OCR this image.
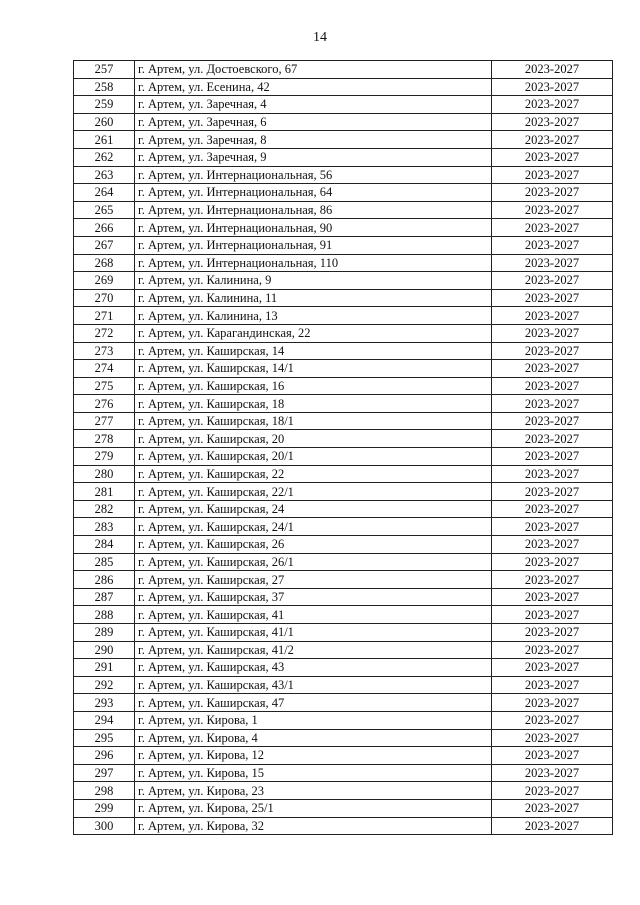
14
257	г. Артем, ул. Достоевского, 67	2023-2027
258	г. Артем, ул. Есенина, 42	2023-2027
259	г. Артем, ул. Заречная, 4	2023-2027
260	г. Артем, ул. Заречная, 6	2023-2027
261	г. Артем, ул. Заречная, 8	2023-2027
262	г. Артем, ул. Заречная, 9	2023-2027
263	г. Артем, ул. Интернациональная, 56	2023-2027
264	г. Артем, ул. Интернациональная, 64	2023-2027
265	г. Артем, ул. Интернациональная, 86	2023-2027
266	г. Артем, ул. Интернациональная, 90	2023-2027
267	г. Артем, ул. Интернациональная, 91	2023-2027
268	г. Артем, ул. Интернациональная, 110	2023-2027
269	г. Артем, ул. Калинина, 9	2023-2027
270	г. Артем, ул. Калинина, 11	2023-2027
271	г. Артем, ул. Калинина, 13	2023-2027
272	г. Артем, ул. Карагандинская, 22	2023-2027
273	г. Артем, ул. Каширская, 14	2023-2027
274	г. Артем, ул. Каширская, 14/1	2023-2027
275	г. Артем, ул. Каширская, 16	2023-2027
276	г. Артем, ул. Каширская, 18	2023-2027
277	г. Артем, ул. Каширская, 18/1	2023-2027
278	г. Артем, ул. Каширская, 20	2023-2027
279	г. Артем, ул. Каширская, 20/1	2023-2027
280	г. Артем, ул. Каширская, 22	2023-2027
281	г. Артем, ул. Каширская, 22/1	2023-2027
282	г. Артем, ул. Каширская, 24	2023-2027
283	г. Артем, ул. Каширская, 24/1	2023-2027
284	г. Артем, ул. Каширская, 26	2023-2027
285	г. Артем, ул. Каширская, 26/1	2023-2027
286	г. Артем, ул. Каширская, 27	2023-2027
287	г. Артем, ул. Каширская, 37	2023-2027
288	г. Артем, ул. Каширская, 41	2023-2027
289	г. Артем, ул. Каширская, 41/1	2023-2027
290	г. Артем, ул. Каширская, 41/2	2023-2027
291	г. Артем, ул. Каширская, 43	2023-2027
292	г. Артем, ул. Каширская, 43/1	2023-2027
293	г. Артем, ул. Каширская, 47	2023-2027
294	г. Артем, ул. Кирова, 1	2023-2027
295	г. Артем, ул. Кирова, 4	2023-2027
296	г. Артем, ул. Кирова, 12	2023-2027
297	г. Артем, ул. Кирова, 15	2023-2027
298	г. Артем, ул. Кирова, 23	2023-2027
299	г. Артем, ул. Кирова, 25/1	2023-2027
300	г. Артем, ул. Кирова, 32	2023-2027
